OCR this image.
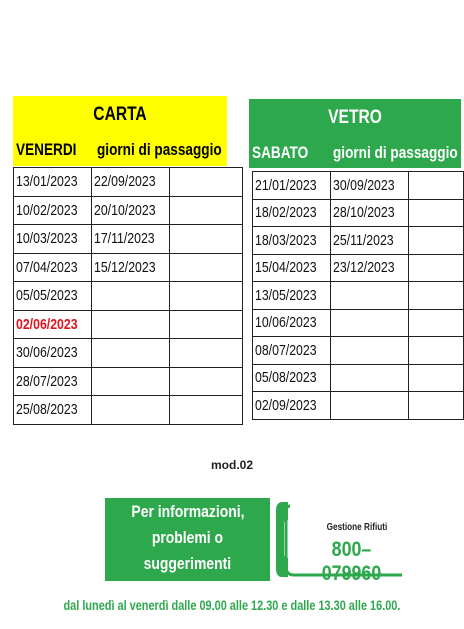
CARTA
VENERDI giorni di passaggio
13/01/2023	22/09/2023	
10/02/2023	20/10/2023	
10/03/2023	17/11/2023	
07/04/2023	15/12/2023	
05/05/2023		
02/06/2023		
30/06/2023		
28/07/2023		
25/08/2023		
VETRO
SABATO giorni di passaggio
21/01/2023	30/09/2023	
18/02/2023	28/10/2023	
18/03/2023	25/11/2023	
15/04/2023	23/12/2023	
13/05/2023		
10/06/2023		
08/07/2023		
05/08/2023		
02/09/2023		
mod.02
Per informazioni,
problemi o
suggerimenti
Gestione Rifiuti
800–079960
dal lunedì al venerdì dalle 09.00 alle 12.30 e dalle 13.30 alle 16.00.
